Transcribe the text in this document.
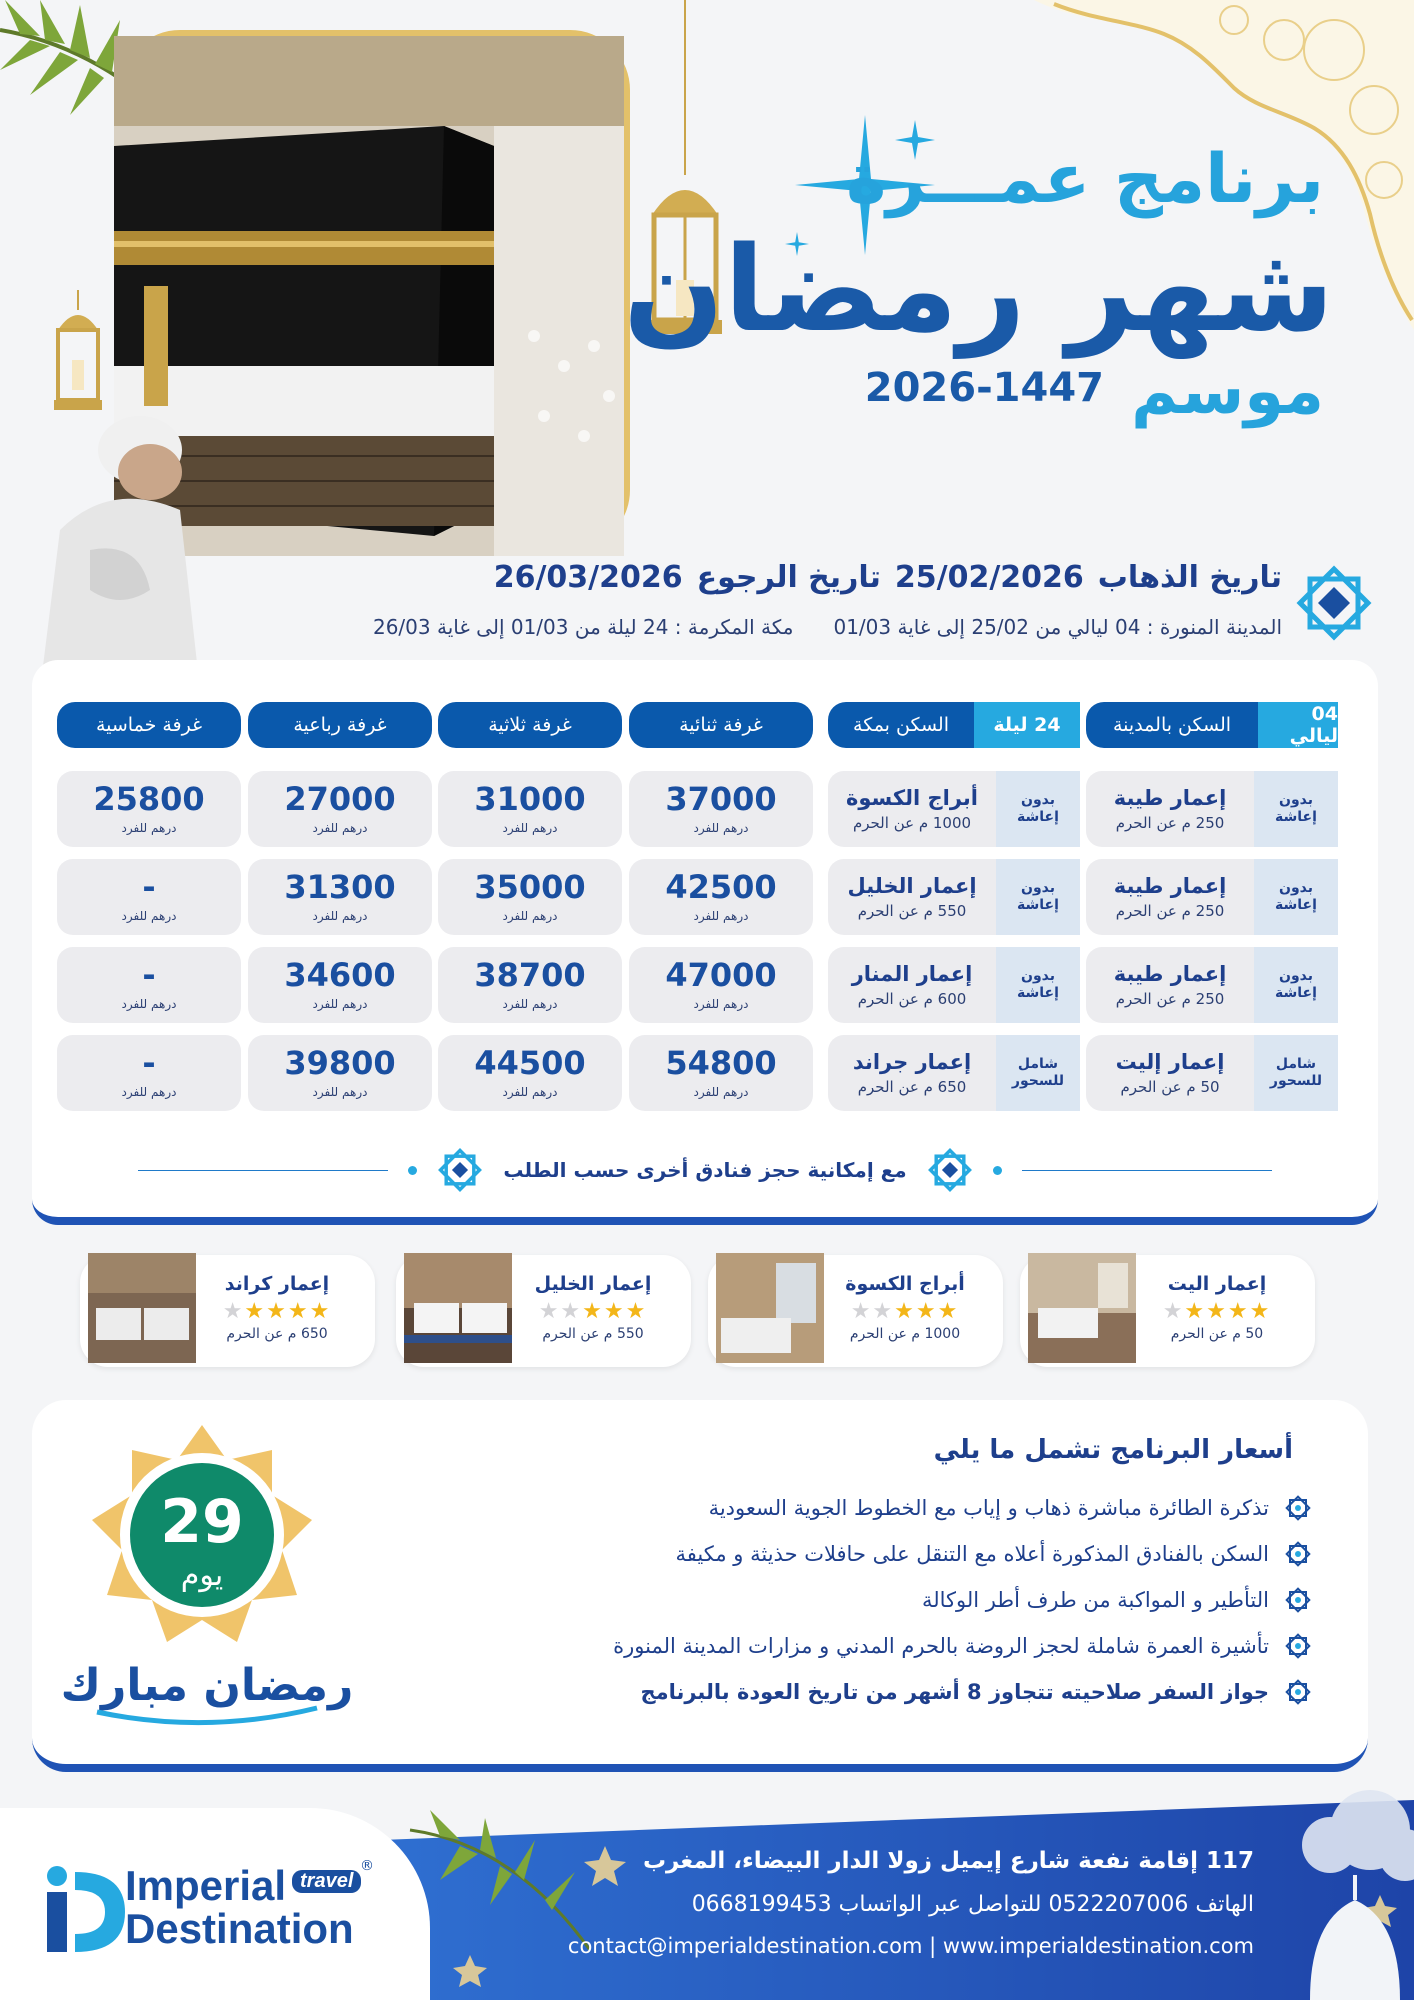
برنامج عمـــرة
شهر رمضان
موسم
2026-1447
تاريخ الذهاب
25/02/2026
تاريخ الرجوع
26/03/2026
المدينة المنورة : 04 ليالي من 25/02 إلى غاية 01/03
مكة المكرمة : 24 ليلة من 01/03 إلى غاية 26/03
04 ليالي
السكن بالمدينة
24 ليلة
السكن بمكة
غرفة ثنائية
غرفة ثلاثية
غرفة رباعية
غرفة خماسية
بدون إعاشة
إعمار طيبة
250 م عن الحرم
بدون إعاشة
أبراج الكسوة
1000 م عن الحرم
37000
درهم للفرد
31000
درهم للفرد
27000
درهم للفرد
25800
درهم للفرد
بدون إعاشة
إعمار طيبة
250 م عن الحرم
بدون إعاشة
إعمار الخليل
550 م عن الحرم
42500
درهم للفرد
35000
درهم للفرد
31300
درهم للفرد
-
درهم للفرد
بدون إعاشة
إعمار طيبة
250 م عن الحرم
بدون إعاشة
إعمار المنار
600 م عن الحرم
47000
درهم للفرد
38700
درهم للفرد
34600
درهم للفرد
-
درهم للفرد
شامل للسحور
إعمار إليت
50 م عن الحرم
شامل للسحور
إعمار جراند
650 م عن الحرم
54800
درهم للفرد
44500
درهم للفرد
39800
درهم للفرد
-
درهم للفرد
مع إمكانية حجز فنادق أخرى حسب الطلب
إعمار اليت
★★★★★
50 م عن الحرم
أبراج الكسوة
★★★★★
1000 م عن الحرم
إعمار الخليل
★★★★★
550 م عن الحرم
إعمار كراند
★★★★★
650 م عن الحرم
أسعار البرنامج تشمل ما يلي
تذكرة الطائرة مباشرة ذهاب و إياب مع الخطوط الجوية السعودية
السكن بالفنادق المذكورة أعلاه مع التنقل على حافلات حذيثة و مكيفة
التأطير و المواكبة من طرف أطر الوكالة
تأشيرة العمرة شاملة لحجز الروضة بالحرم المدني و مزارات المدينة المنورة
جواز السفر صلاحيته تتجاوز 8 أشهر من تاريخ العودة بالبرنامج
29
يوم
رمضان مبارك
Imperial
Destination
travel
®	117 إقامة نفعة شارع إيميل زولا الدار البيضاء، المغرب
الهاتف 0522207006 للتواصل عبر الواتساب 0668199453
contact@imperialdestination.com | www.imperialdestination.com
